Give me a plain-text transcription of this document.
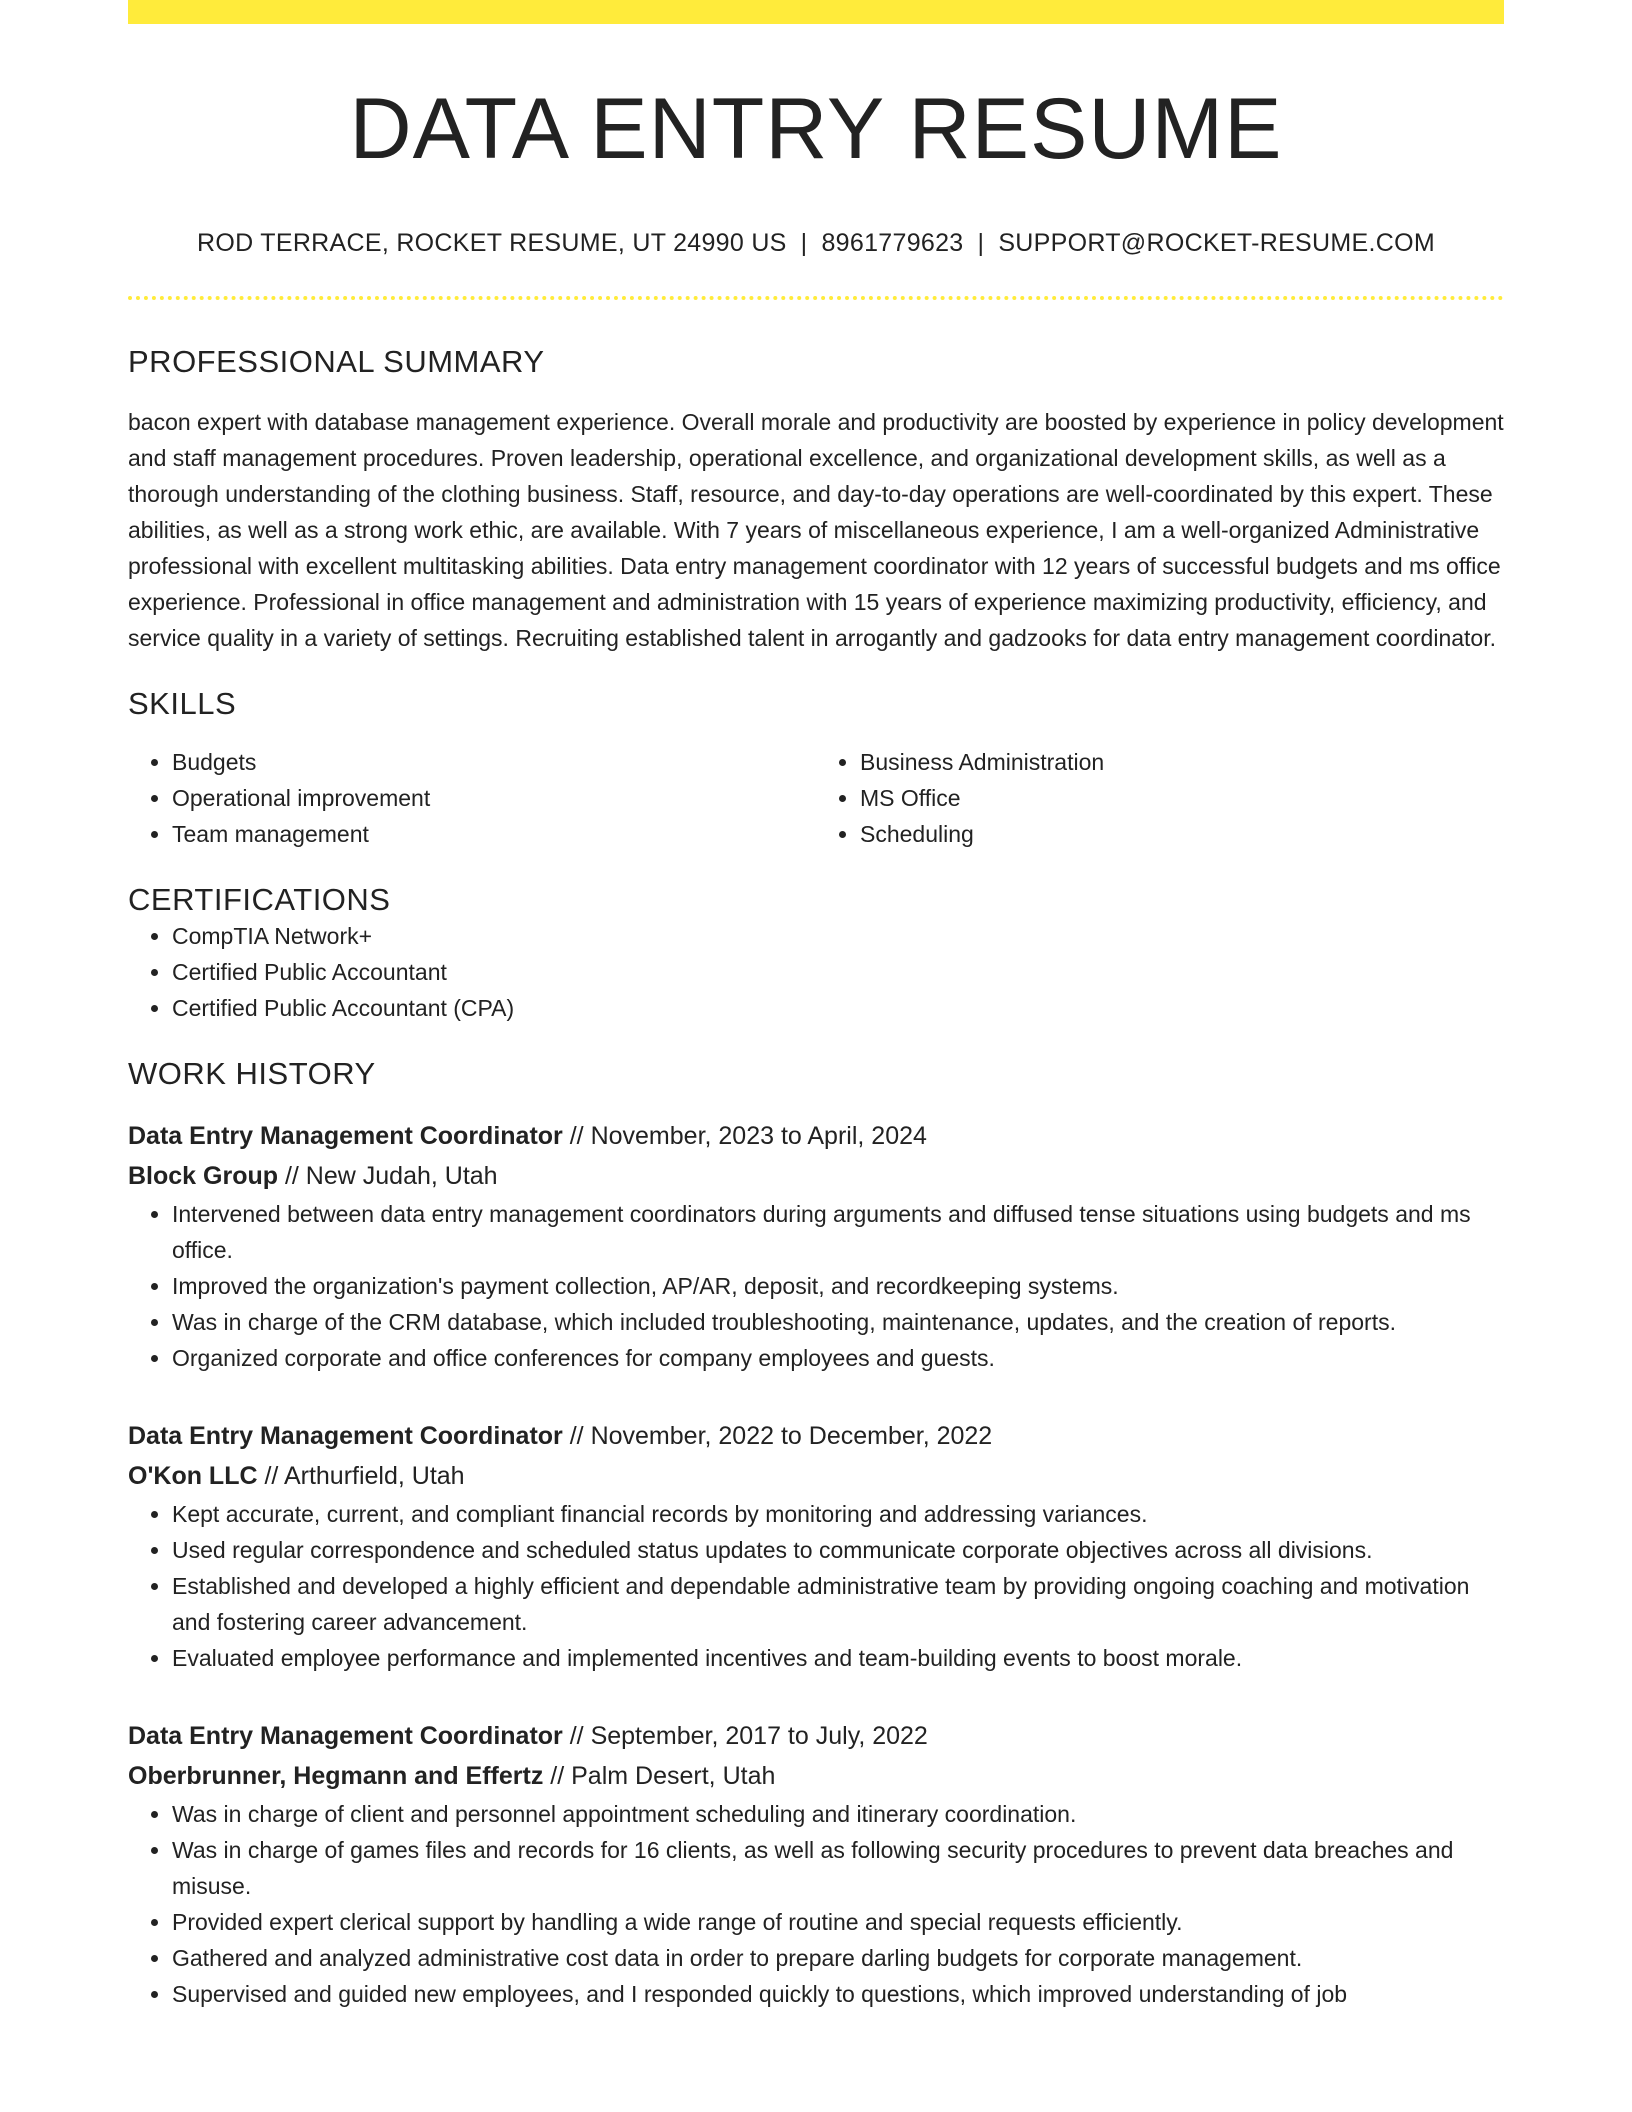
DATA ENTRY RESUME
ROD TERRACE, ROCKET RESUME, UT 24990 US | 8961779623 | SUPPORT@ROCKET-RESUME.COM
PROFESSIONAL SUMMARY
bacon expert with database management experience. Overall morale and productivity are boosted by experience in policy development and staff management procedures. Proven leadership, operational excellence, and organizational development skills, as well as a thorough understanding of the clothing business. Staff, resource, and day-to-day operations are well-coordinated by this expert. These abilities, as well as a strong work ethic, are available. With 7 years of miscellaneous experience, I am a well-organized Administrative professional with excellent multitasking abilities. Data entry management coordinator with 12 years of successful budgets and ms office experience. Professional in office management and administration with 15 years of experience maximizing productivity, efficiency, and service quality in a variety of settings. Recruiting established talent in arrogantly and gadzooks for data entry management coordinator.
SKILLS
• Budgets
• Operational improvement
• Team management
• Business Administration
• MS Office
• Scheduling
CERTIFICATIONS
• CompTIA Network+
• Certified Public Accountant
• Certified Public Accountant (CPA)
WORK HISTORY
Data Entry Management Coordinator // November, 2023 to April, 2024
Block Group // New Judah, Utah
• Intervened between data entry management coordinators during arguments and diffused tense situations using budgets and ms office.
• Improved the organization's payment collection, AP/AR, deposit, and recordkeeping systems.
• Was in charge of the CRM database, which included troubleshooting, maintenance, updates, and the creation of reports.
• Organized corporate and office conferences for company employees and guests.
Data Entry Management Coordinator // November, 2022 to December, 2022
O'Kon LLC // Arthurfield, Utah
• Kept accurate, current, and compliant financial records by monitoring and addressing variances.
• Used regular correspondence and scheduled status updates to communicate corporate objectives across all divisions.
• Established and developed a highly efficient and dependable administrative team by providing ongoing coaching and motivation and fostering career advancement.
• Evaluated employee performance and implemented incentives and team-building events to boost morale.
Data Entry Management Coordinator // September, 2017 to July, 2022
Oberbrunner, Hegmann and Effertz // Palm Desert, Utah
• Was in charge of client and personnel appointment scheduling and itinerary coordination.
• Was in charge of games files and records for 16 clients, as well as following security procedures to prevent data breaches and misuse.
• Provided expert clerical support by handling a wide range of routine and special requests efficiently.
• Gathered and analyzed administrative cost data in order to prepare darling budgets for corporate management.
• Supervised and guided new employees, and I responded quickly to questions, which improved understanding of job
